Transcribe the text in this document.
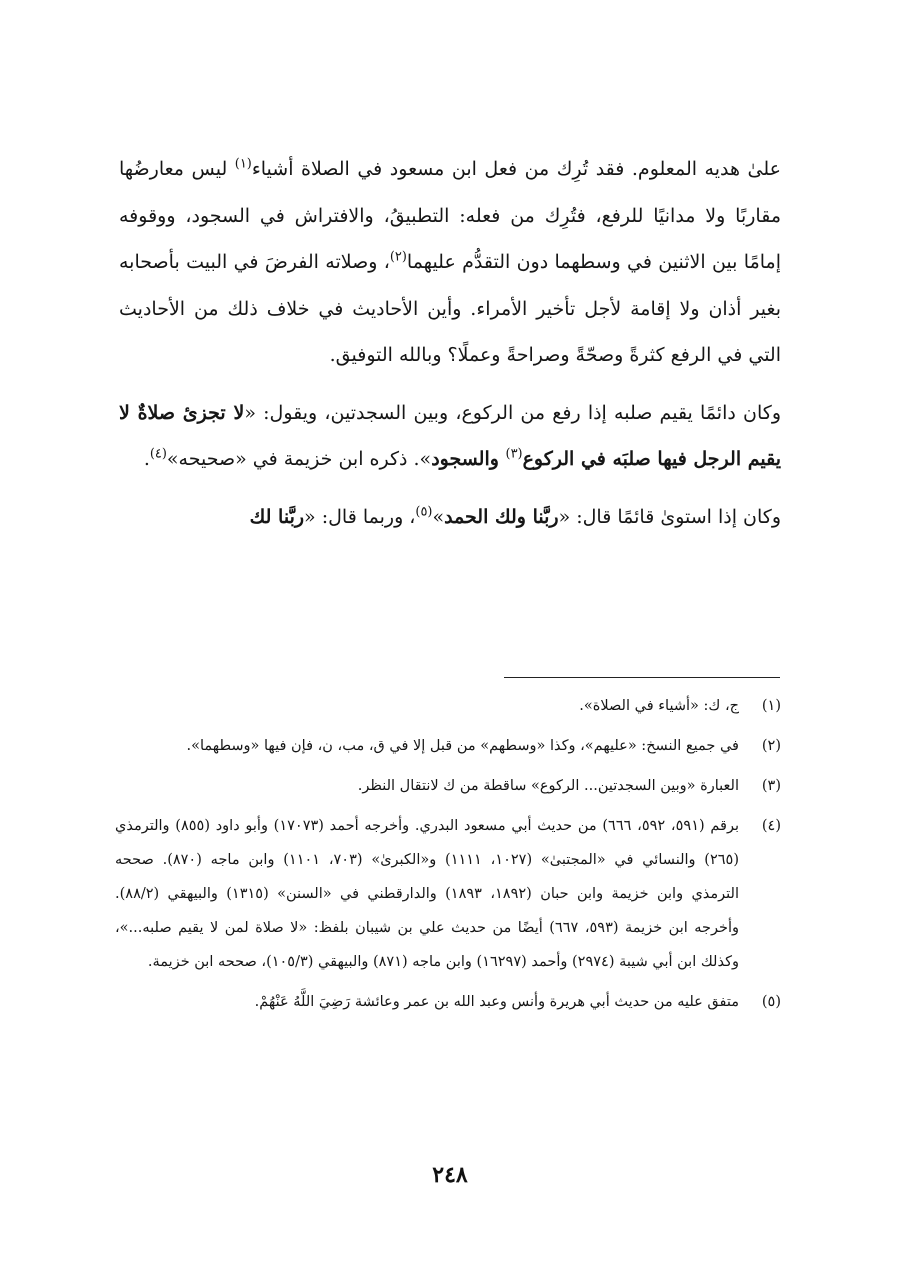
علىٰ هديه المعلوم. فقد تُرِك من فعل ابن مسعود في الصلاة أشياء$^{(١)}$ ليس معارضُها مقاربًا ولا مدانيًا للرفع، فتُرِك من فعله: التطبيقُ، والافتراش في السجود، ووقوفه إمامًا بين الاثنين في وسطهما دون التقدُّم عليهما$^{(٢)}$، وصلاته الفرضَ في البيت بأصحابه بغير أذان ولا إقامة لأجل تأخير الأمراء. وأين الأحاديث في خلاف ذلك من الأحاديث التي في الرفع كثرةً وصحّةً وصراحةً وعملًا؟ وبالله التوفيق.

وكان دائمًا يقيم صلبه إذا رفع من الركوع، وبين السجدتين، ويقول: «لا تجزئ صلاةٌ لا يقيم الرجل فيها صلبَه في الركوع$^{(٣)}$ والسجود». ذكره ابن خزيمة في «صحيحه»$^{(٤)}$.

وكان إذا استوىٰ قائمًا قال: «ربَّنا ولك الحمد»$^{(٥)}$، وربما قال: «ربَّنا لك

(١)
ج، ك: «أشياء في الصلاة».
(٢)
في جميع النسخ: «عليهم»، وكذا «وسطهم» من قبل إلا في ق، مب، ن، فإن فيها «وسطهما».
(٣)
العبارة «وبين السجدتين... الركوع» ساقطة من ك لانتقال النظر.
(٤)
برقم (٥٩١، ٥٩٢، ٦٦٦) من حديث أبي مسعود البدري. وأخرجه أحمد (١٧٠٧٣) وأبو داود (٨٥٥) والترمذي (٢٦٥) والنسائي في «المجتبىٰ» (١٠٢٧، ١١١١) و«الكبرىٰ» (٧٠٣، ١١٠١) وابن ماجه (٨٧٠). صححه الترمذي وابن خزيمة وابن حبان (١٨٩٢، ١٨٩٣) والدارقطني في «السنن» (١٣١٥) والبيهقي (٨٨/٢). وأخرجه ابن خزيمة (٥٩٣، ٦٦٧) أيضًا من حديث علي بن شيبان بلفظ: «لا صلاة لمن لا يقيم صلبه...»، وكذلك ابن أبي شيبة (٢٩٧٤) وأحمد (١٦٢٩٧) وابن ماجه (٨٧١) والبيهقي (١٠٥/٣)، صححه ابن خزيمة.
(٥)
متفق عليه من حديث أبي هريرة وأنس وعبد الله بن عمر وعائشة رَضِيَ اللَّهُ عَنْهُمْ.
٢٤٨
